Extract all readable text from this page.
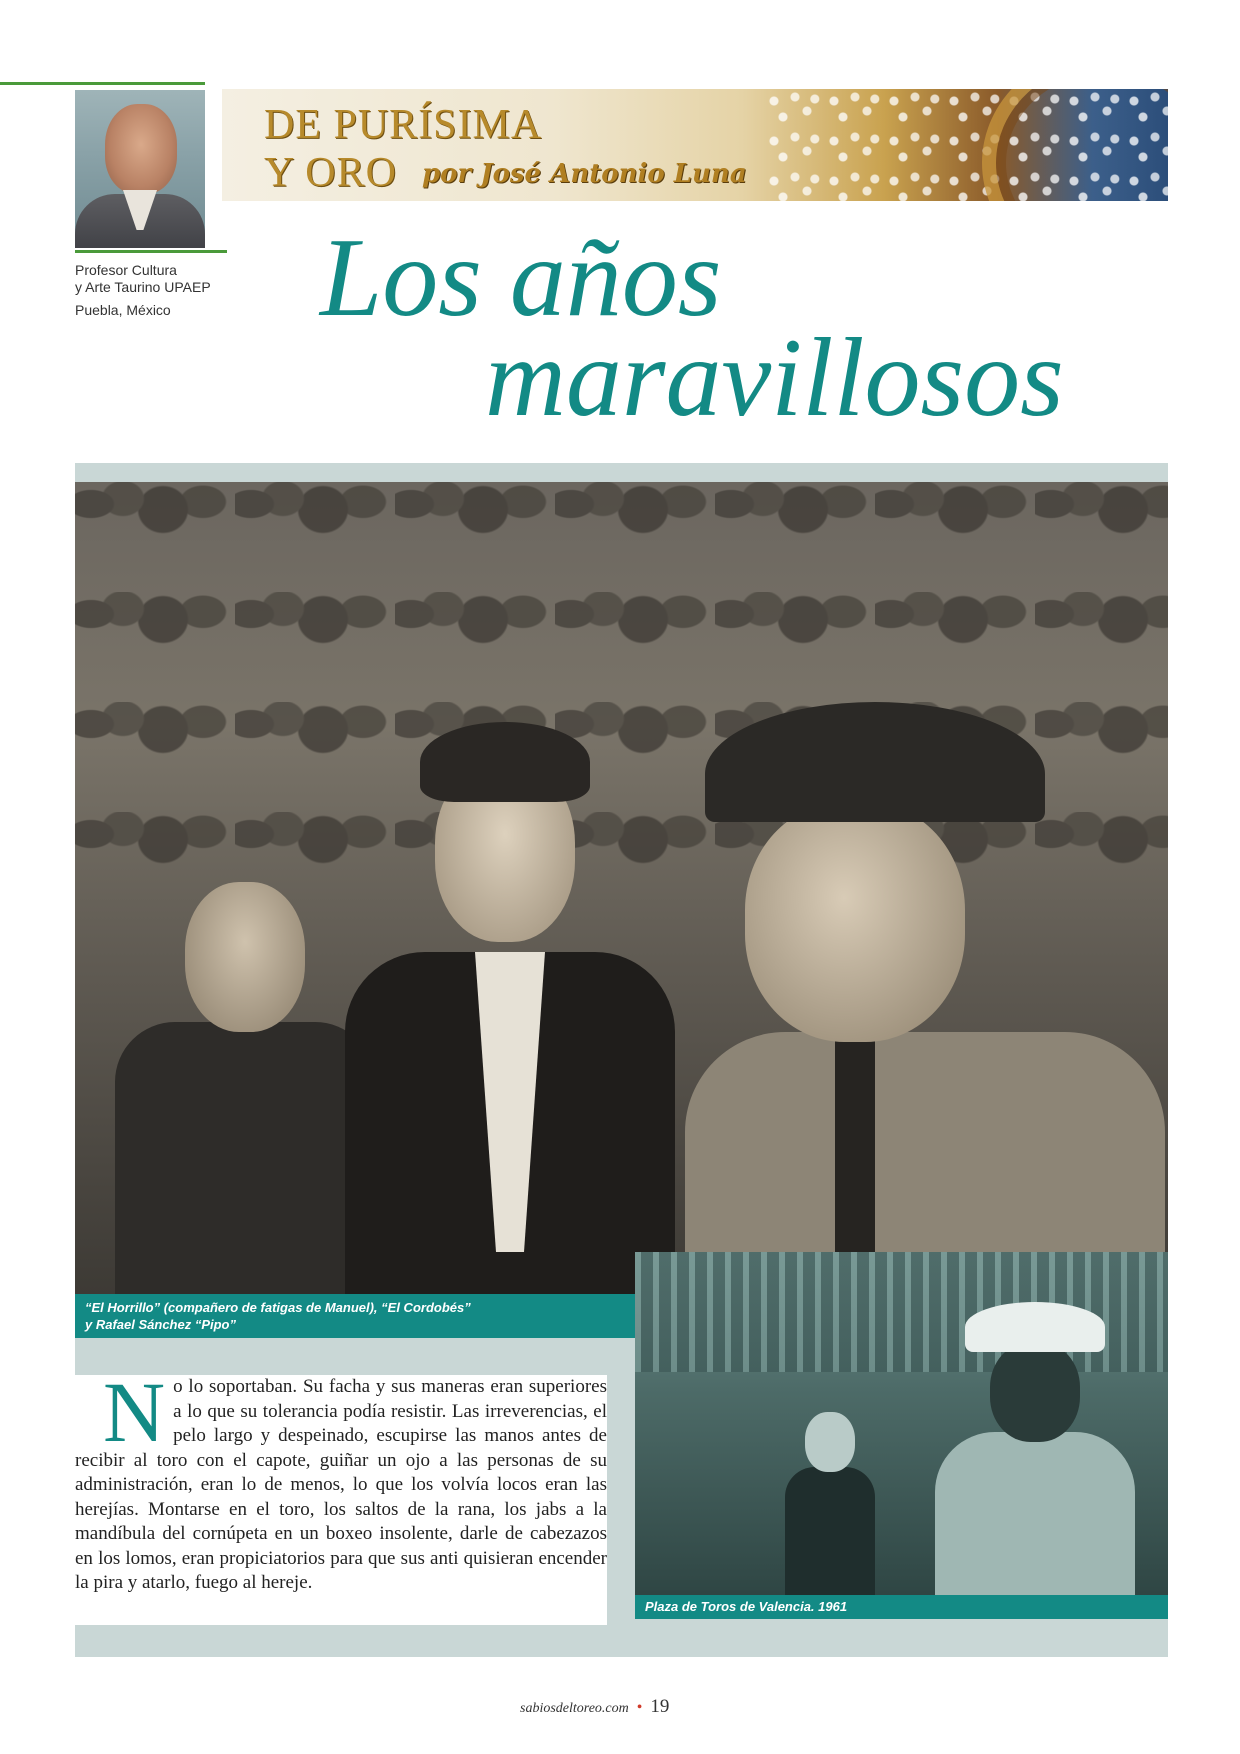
Profesor Cultura
y Arte Taurino UPAEP
Puebla, México
DE PURÍSIMA
Y ORO por José Antonio Luna
Los años
maravillosos
“El Horrillo” (compañero de fatigas de Manuel), “El Cordobés”
y Rafael Sánchez “Pipo”
Plaza de Toros de Valencia. 1961
No lo soportaban. Su facha y sus maneras eran superiores a lo que su tolerancia podía resistir. Las irreverencias, el pelo largo y despeinado, escupirse las manos antes de recibir al toro con el capote, guiñar un ojo a las personas de su administración, eran lo de menos, lo que los volvía locos eran las herejías. Montarse en el toro, los saltos de la rana, los jabs a la mandíbula del cornúpeta en un boxeo insolente, darle de cabezazos en los lomos, eran propiciatorios para que sus anti quisieran encender la pira y atarlo, fuego al hereje.
sabiosdeltoreo.com • 19
